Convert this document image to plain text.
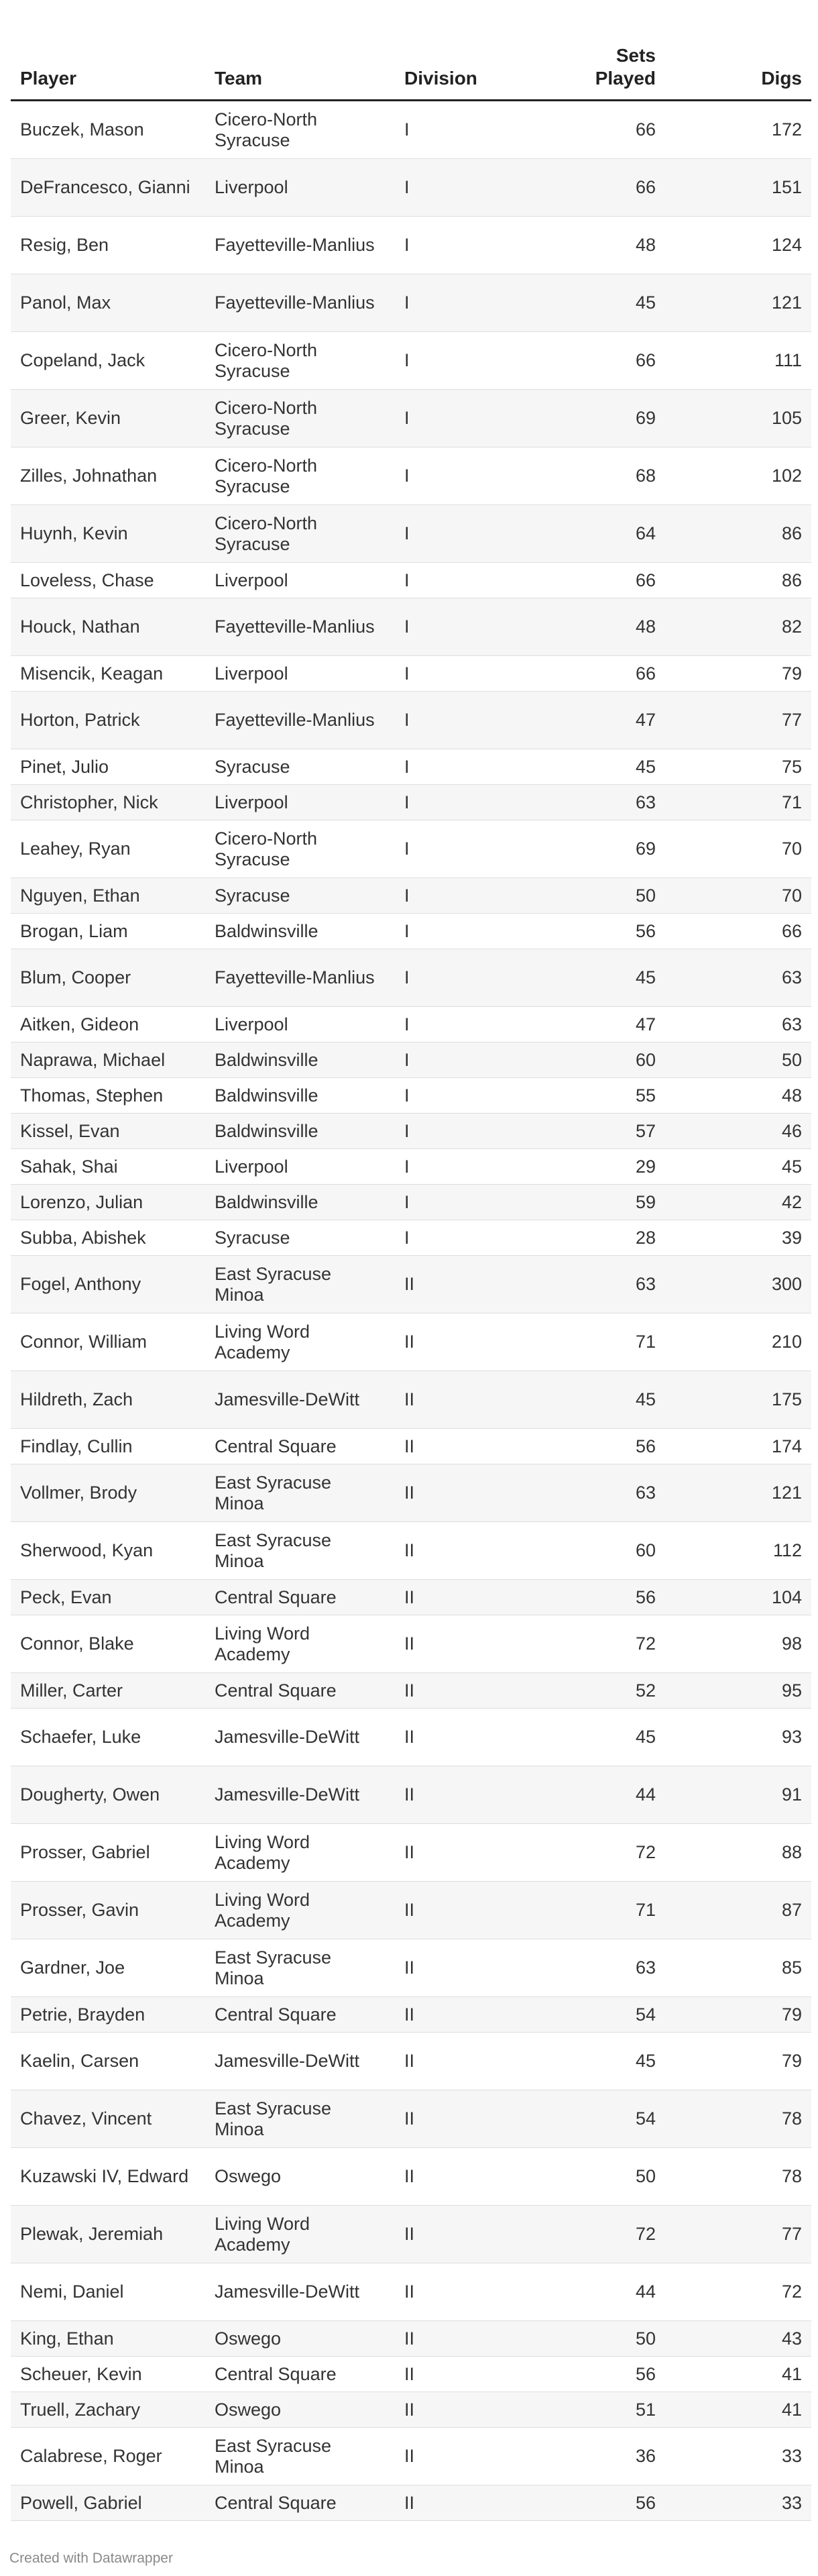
Player	Team	Division	Sets Played	Digs
Buczek, Mason	Cicero-North Syracuse	I	66	172
DeFrancesco, Gianni	Liverpool	I	66	151
Resig, Ben	Fayetteville-Manlius	I	48	124
Panol, Max	Fayetteville-Manlius	I	45	121
Copeland, Jack	Cicero-North Syracuse	I	66	111
Greer, Kevin	Cicero-North Syracuse	I	69	105
Zilles, Johnathan	Cicero-North Syracuse	I	68	102
Huynh, Kevin	Cicero-North Syracuse	I	64	86
Loveless, Chase	Liverpool	I	66	86
Houck, Nathan	Fayetteville-Manlius	I	48	82
Misencik, Keagan	Liverpool	I	66	79
Horton, Patrick	Fayetteville-Manlius	I	47	77
Pinet, Julio	Syracuse	I	45	75
Christopher, Nick	Liverpool	I	63	71
Leahey, Ryan	Cicero-North Syracuse	I	69	70
Nguyen, Ethan	Syracuse	I	50	70
Brogan, Liam	Baldwinsville	I	56	66
Blum, Cooper	Fayetteville-Manlius	I	45	63
Aitken, Gideon	Liverpool	I	47	63
Naprawa, Michael	Baldwinsville	I	60	50
Thomas, Stephen	Baldwinsville	I	55	48
Kissel, Evan	Baldwinsville	I	57	46
Sahak, Shai	Liverpool	I	29	45
Lorenzo, Julian	Baldwinsville	I	59	42
Subba, Abishek	Syracuse	I	28	39
Fogel, Anthony	East Syracuse Minoa	II	63	300
Connor, William	Living Word Academy	II	71	210
Hildreth, Zach	Jamesville-DeWitt	II	45	175
Findlay, Cullin	Central Square	II	56	174
Vollmer, Brody	East Syracuse Minoa	II	63	121
Sherwood, Kyan	East Syracuse Minoa	II	60	112
Peck, Evan	Central Square	II	56	104
Connor, Blake	Living Word Academy	II	72	98
Miller, Carter	Central Square	II	52	95
Schaefer, Luke	Jamesville-DeWitt	II	45	93
Dougherty, Owen	Jamesville-DeWitt	II	44	91
Prosser, Gabriel	Living Word Academy	II	72	88
Prosser, Gavin	Living Word Academy	II	71	87
Gardner, Joe	East Syracuse Minoa	II	63	85
Petrie, Brayden	Central Square	II	54	79
Kaelin, Carsen	Jamesville-DeWitt	II	45	79
Chavez, Vincent	East Syracuse Minoa	II	54	78
Kuzawski IV, Edward	Oswego	II	50	78
Plewak, Jeremiah	Living Word Academy	II	72	77
Nemi, Daniel	Jamesville-DeWitt	II	44	72
King, Ethan	Oswego	II	50	43
Scheuer, Kevin	Central Square	II	56	41
Truell, Zachary	Oswego	II	51	41
Calabrese, Roger	East Syracuse Minoa	II	36	33
Powell, Gabriel	Central Square	II	56	33
Created with Datawrapper
